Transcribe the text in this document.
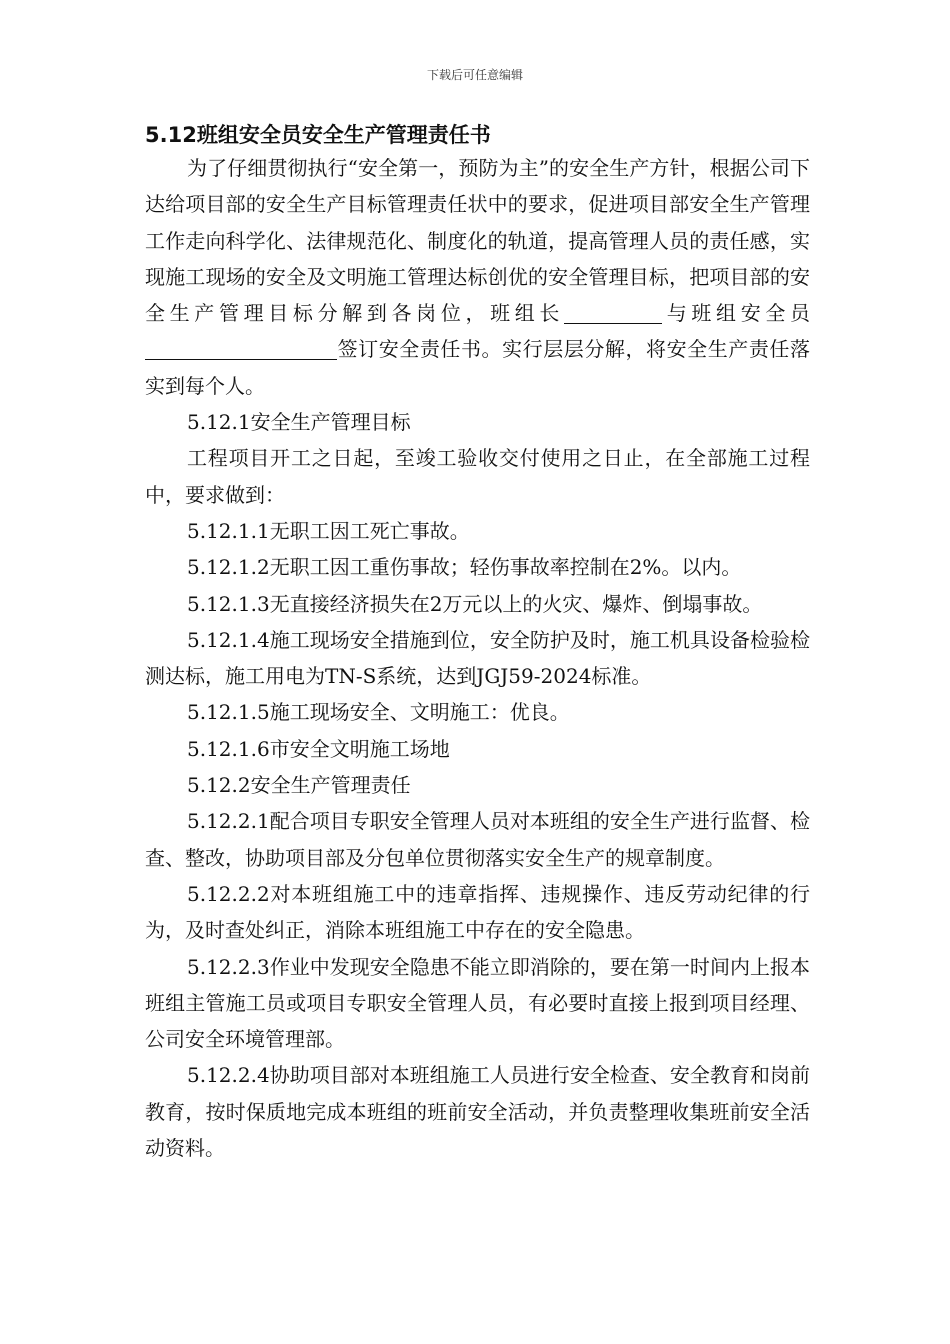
下载后可任意编辑
5.12班组安全员安全生产管理责任书

为了仔细贯彻执行“安全第一，预防为主”的安全生产方针，根据公司下达给项目部的安全生产目标管理责任状中的要求，促进项目部安全生产管理工作走向科学化、法律规范化、制度化的轨道，提高管理人员的责任感，实现施工现场的安全及文明施工管理达标创优的安全管理目标，把项目部的安全生产管理目标分解到各岗位，班组长	与班组安全员签订安全责任书。实行层层分解，将安全生产责任落实到每个人。

5.12.1安全生产管理目标

工程项目开工之日起，至竣工验收交付使用之日止，在全部施工过程中，要求做到：

5.12.1.1无职工因工死亡事故。

5.12.1.2无职工因工重伤事故；轻伤事故率控制在2%。以内。

5.12.1.3无直接经济损失在2万元以上的火灾、爆炸、倒塌事故。

5.12.1.4施工现场安全措施到位，安全防护及时，施工机具设备检验检测达标，施工用电为TN-S系统，达到JGJ59-2024标准。

5.12.1.5施工现场安全、文明施工：优良。

5.12.1.6市安全文明施工场地

5.12.2安全生产管理责任

5.12.2.1配合项目专职安全管理人员对本班组的安全生产进行监督、检查、整改，协助项目部及分包单位贯彻落实安全生产的规章制度。

5.12.2.2对本班组施工中的违章指挥、违规操作、违反劳动纪律的行为，及时查处纠正，消除本班组施工中存在的安全隐患。

5.12.2.3作业中发现安全隐患不能立即消除的，要在第一时间内上报本班组主管施工员或项目专职安全管理人员，有必要时直接上报到项目经理、公司安全环境管理部。

5.12.2.4协助项目部对本班组施工人员进行安全检查、安全教育和岗前教育，按时保质地完成本班组的班前安全活动，并负责整理收集班前安全活动资料。
